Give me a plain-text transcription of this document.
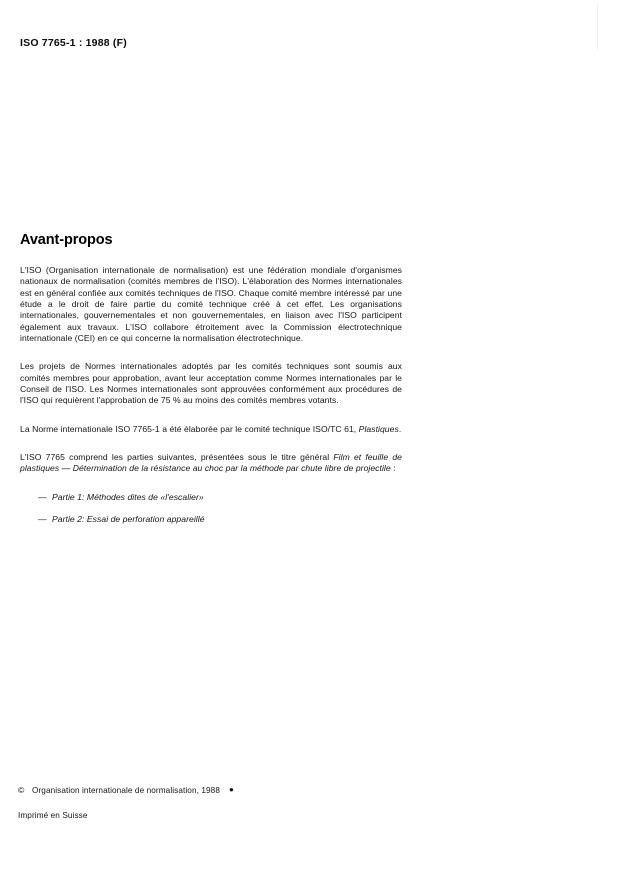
ISO 7765-1 : 1988 (F)
Avant-propos

L'ISO (Organisation internationale de normalisation) est une fédération mondiale d'organismes nationaux de normalisation (comités membres de l'ISO). L'élaboration des Normes internationales est en général confiée aux comités techniques de l'ISO. Chaque comité membre intéressé par une étude a le droit de faire partie du comité technique créé à cet effet. Les organisations internationales, gouvernementales et non gouvernementales, en liaison avec l'ISO participent également aux travaux. L'ISO collabore étroitement avec la Commission électrotechnique internationale (CEI) en ce qui concerne la normalisation électrotechnique.

Les projets de Normes internationales adoptés par les comités techniques sont soumis aux comités membres pour approbation, avant leur acceptation comme Normes internationales par le Conseil de l'ISO. Les Normes internationales sont approuvées conformément aux procédures de l'ISO qui requièrent l'approbation de 75 % au moins des comités membres votants.

La Norme internationale ISO 7765-1 a été élaborée par le comité technique ISO/TC 61, Plastiques.

L'ISO 7765 comprend les parties suivantes, présentées sous le titre général Film et feuille de plastiques — Détermination de la résistance au choc par la méthode par chute libre de projectile :

— Partie 1: Méthodes dites de «l'escalier»
— Partie 2: Essai de perforation appareillé
© Organisation internationale de normalisation, 1988 ●
Imprimé en Suisse
